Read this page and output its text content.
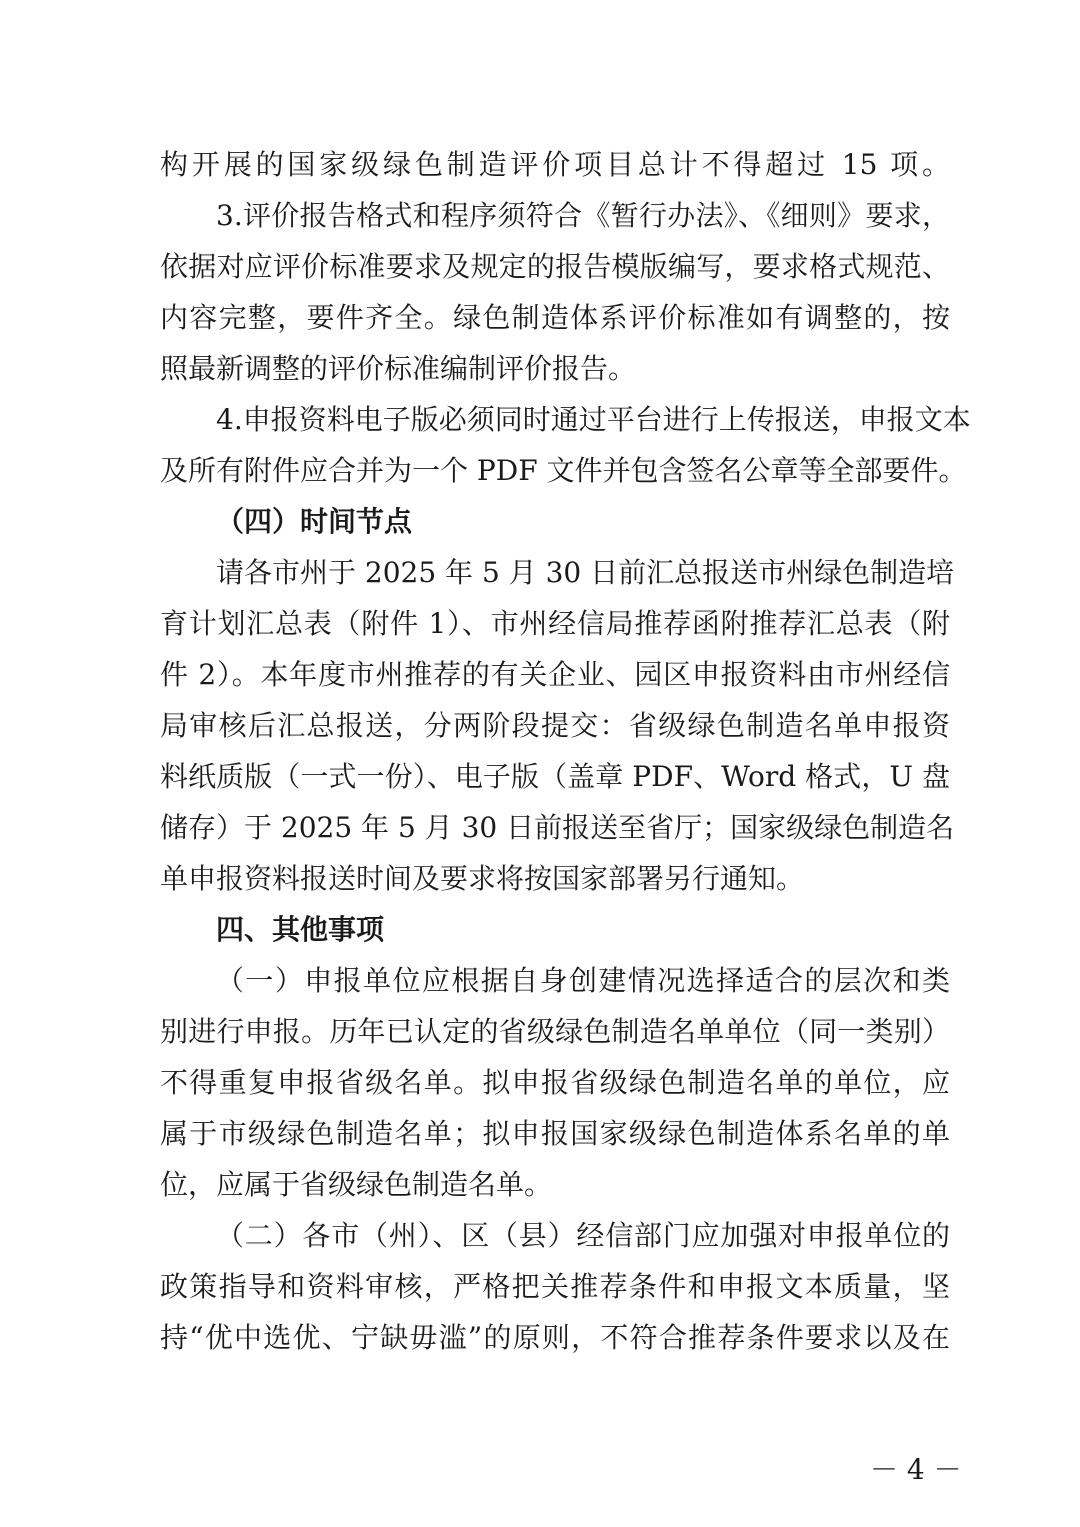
构开展的国家级绿色制造评价项目总计不得超过 15 项。
3.评价报告格式和程序须符合《暂行办法》、《细则》要求，
依据对应评价标准要求及规定的报告模版编写，要求格式规范、
内容完整，要件齐全。绿色制造体系评价标准如有调整的，按
照最新调整的评价标准编制评价报告。
4.申报资料电子版必须同时通过平台进行上传报送，申报文本
及所有附件应合并为一个 PDF 文件并包含签名公章等全部要件。
（四）时间节点
请各市州于 2025 年 5 月 30 日前汇总报送市州绿色制造培
育计划汇总表（附件 1）、市州经信局推荐函附推荐汇总表（附
件 2）。本年度市州推荐的有关企业、园区申报资料由市州经信
局审核后汇总报送，分两阶段提交：省级绿色制造名单申报资
料纸质版（一式一份）、电子版（盖章 PDF、Word 格式，U 盘
储存）于 2025 年 5 月 30 日前报送至省厅；国家级绿色制造名
单申报资料报送时间及要求将按国家部署另行通知。
四、其他事项
（一）申报单位应根据自身创建情况选择适合的层次和类
别进行申报。历年已认定的省级绿色制造名单单位（同一类别）
不得重复申报省级名单。拟申报省级绿色制造名单的单位，应
属于市级绿色制造名单；拟申报国家级绿色制造体系名单的单
位，应属于省级绿色制造名单。
（二）各市（州）、区（县）经信部门应加强对申报单位的
政策指导和资料审核，严格把关推荐条件和申报文本质量，坚
持“优中选优、宁缺毋滥”的原则，不符合推荐条件要求以及在
－ 4 －
